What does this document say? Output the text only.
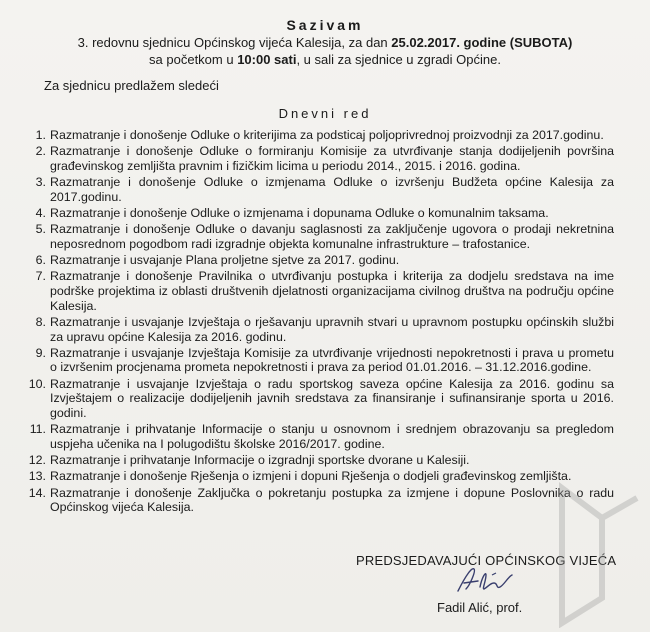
Sazivam
3. redovnu sjednicu Općinskog vijeća Kalesija, za dan 25.02.2017. godine (SUBOTA)
sa početkom u 10:00 sati, u sali za sjednice u zgradi Općine.
Za sjednicu predlažem sledeći
Dnevni red
1. Razmatranje i donošenje Odluke o kriterijima za podsticaj poljoprivrednoj proizvodnji za 2017.godinu.
2. Razmatranje i donošenje Odluke o formiranju Komisije za utvrđivanje stanja dodijeljenih površina građevinskog zemljišta pravnim i fizičkim licima u periodu 2014., 2015. i 2016. godina.
3. Razmatranje i donošenje Odluke o izmjenama Odluke o izvršenju Budžeta općine Kalesija za 2017.godinu.
4. Razmatranje i donošenje Odluke o izmjenama i dopunama Odluke o komunalnim taksama.
5. Razmatranje i donošenje Odluke o davanju saglasnosti za zaključenje ugovora o prodaji nekretnina neposrednom pogodbom radi izgradnje objekta komunalne infrastrukture – trafostanice.
6. Razmatranje i usvajanje Plana proljetne sjetve za 2017. godinu.
7. Razmatranje i donošenje Pravilnika o utvrđivanju postupka i kriterija za dodjelu sredstava na ime podrške projektima iz oblasti društvenih djelatnosti organizacijama civilnog društva na području općine Kalesija.
8. Razmatranje i usvajanje Izvještaja o rješavanju upravnih stvari u upravnom postupku općinskih službi za upravu općine Kalesija za 2016. godinu.
9. Razmatranje i usvajanje Izvještaja Komisije za utvrđivanje vrijednosti nepokretnosti i prava u prometu o izvršenim procjenama prometa nepokretnosti i prava za period 01.01.2016. – 31.12.2016.godine.
10. Razmatranje i usvajanje Izvještaja o radu sportskog saveza općine Kalesija za 2016. godinu sa Izvještajem o realizacije dodijeljenih javnih sredstava za finansiranje i sufinansiranje sporta u 2016. godini.
11. Razmatranje i prihvatanje Informacije o stanju u osnovnom i srednjem obrazovanju sa pregledom uspjeha učenika na I polugodištu školske 2016/2017. godine.
12. Razmatranje i prihvatanje Informacije o izgradnji sportske dvorane u Kalesiji.
13. Razmatranje i donošenje Rješenja o izmjeni i dopuni Rješenja o dodjeli građevinskog zemljišta.
14. Razmatranje i donošenje Zaključka o pokretanju postupka za izmjene i dopune Poslovnika o radu Općinskog vijeća Kalesija.
PREDSJEDAVAJUĆI OPĆINSKOG VIJEĆA
Fadil Alić, prof.
